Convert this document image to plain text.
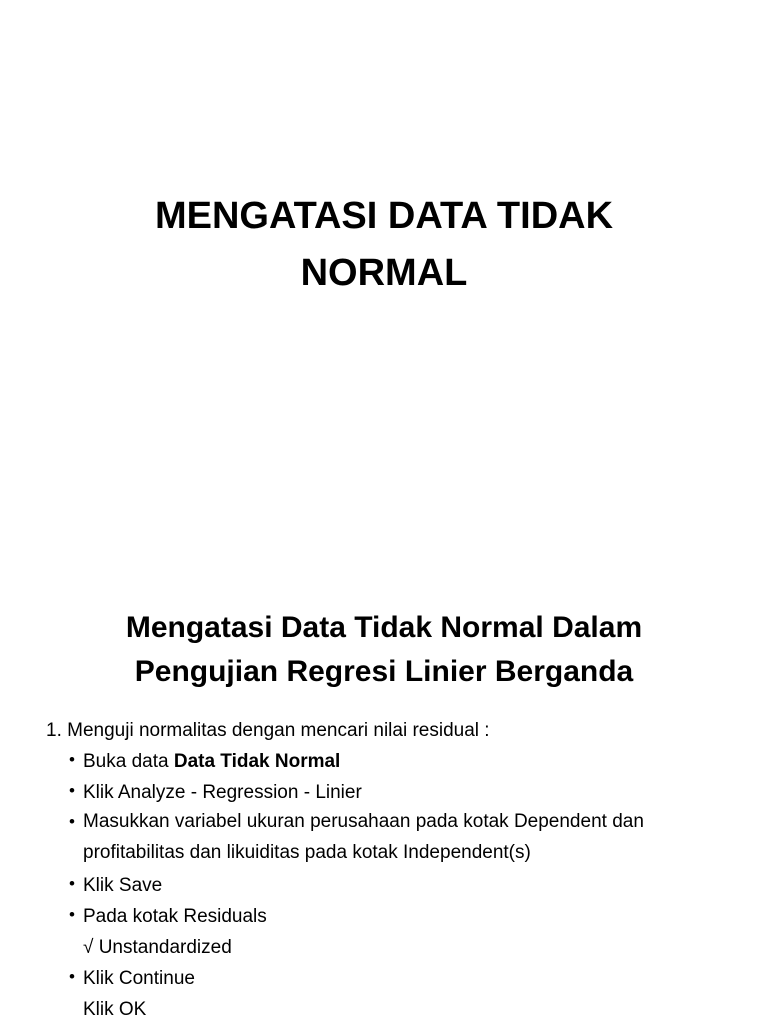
MENGATASI DATA TIDAK
NORMAL
Mengatasi Data Tidak Normal Dalam
Pengujian Regresi Linier Berganda

1. Menguji normalitas dengan mencari nilai residual :

• Buka data Data Tidak Normal
• Klik Analyze - Regression - Linier
• Masukkan variabel ukuran perusahaan pada kotak Dependent dan
profitabilitas dan likuiditas pada kotak Independent(s)
• Klik Save
• Pada kotak Residuals
√ Unstandardized
• Klik Continue
Klik OK
